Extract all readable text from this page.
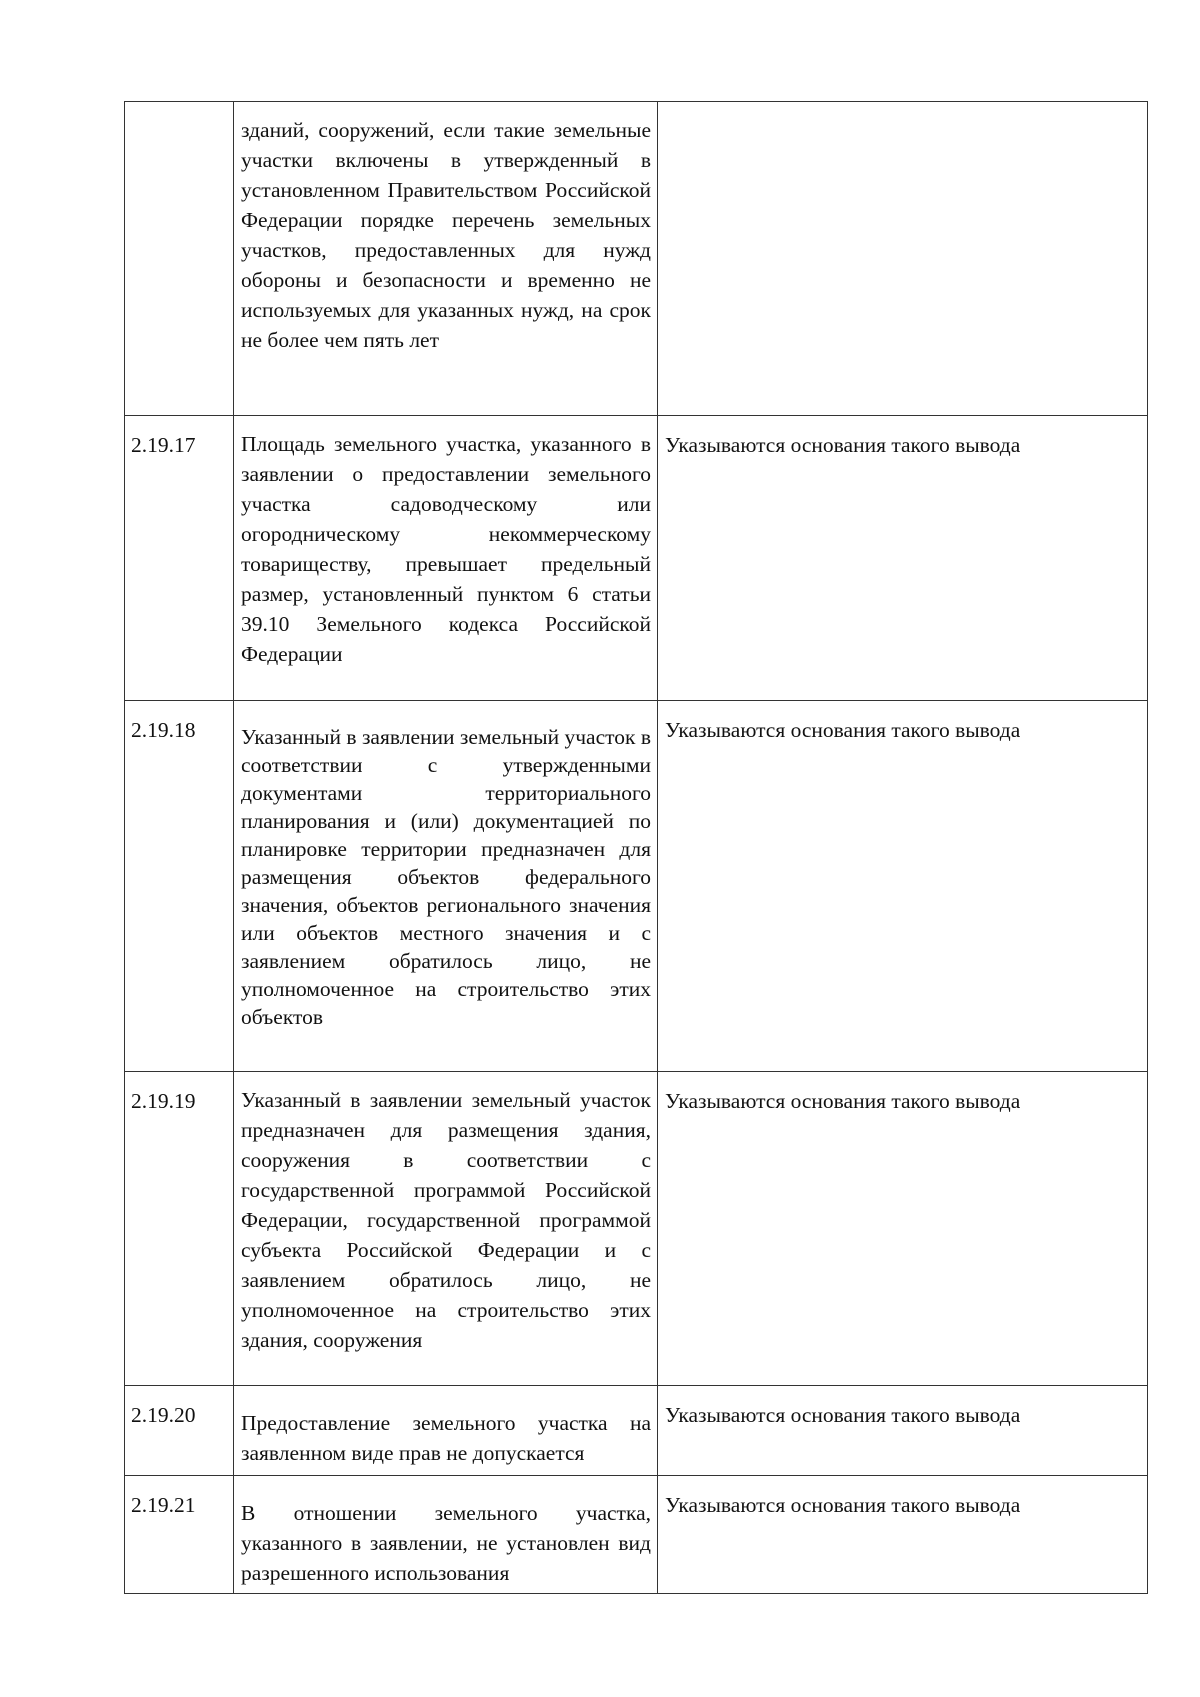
	зданий, сооружений, если такие земельные участки включены в утвержденный в установленном Правительством Российской Федерации порядке перечень земельных участков, предоставленных для нужд обороны и безопасности и временно не используемых для указанных нужд, на срок не более чем пять лет	
2.19.17	Площадь земельного участка, указанного в заявлении о предоставлении земельного участка садоводческому или огородническому некоммерческому товариществу, превышает предельный размер, установленный пунктом 6 статьи 39.10 Земельного кодекса Российской Федерации	Указываются основания такого вывода
2.19.18	Указанный в заявлении земельный участок в соответствии с утвержденными документами территориального планирования и (или) документацией по планировке территории предназначен для размещения объектов федерального значения, объектов регионального значения или объектов местного значения и с заявлением обратилось лицо, не уполномоченное на строительство этих объектов	Указываются основания такого вывода
2.19.19	Указанный в заявлении земельный участок предназначен для размещения здания, сооружения в соответствии с государственной программой Российской Федерации, государственной программой субъекта Российской Федерации и с заявлением обратилось лицо, не уполномоченное на строительство этих здания, сооружения	Указываются основания такого вывода
2.19.20	Предоставление земельного участка на заявленном виде прав не допускается	Указываются основания такого вывода
2.19.21	В отношении земельного участка, указанного в заявлении, не установлен вид разрешенного использования	Указываются основания такого вывода
